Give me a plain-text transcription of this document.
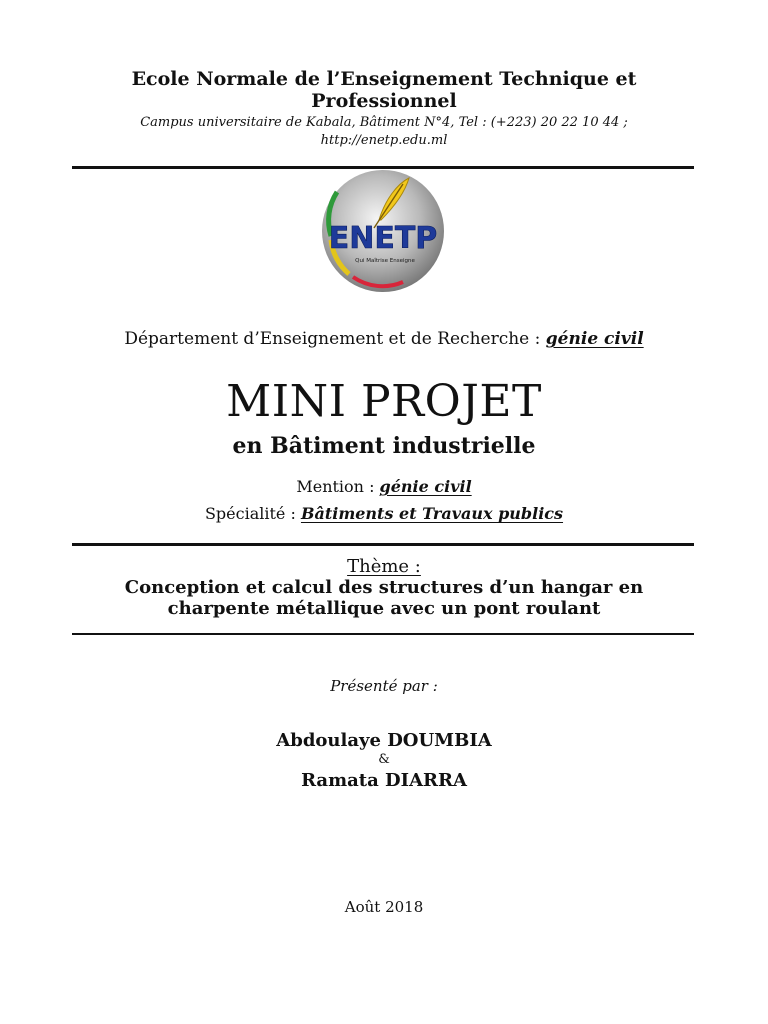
Ecole Normale de l’Enseignement Technique et
Professionnel
Campus universitaire de Kabala, Bâtiment N°4, Tel : (+223) 20 22 10 44 ;
http://enetp.edu.ml
ENETP
Qui Maîtrise Enseigne
Département d’Enseignement et de Recherche : génie civil
MINI PROJET
en Bâtiment industrielle
Mention : génie civil
Spécialité : Bâtiments et Travaux publics
Thème :
Conception et calcul des structures d’un hangar en
charpente métallique avec un pont roulant
Présenté par :
Abdoulaye DOUMBIA
&
Ramata DIARRA
Août 2018
